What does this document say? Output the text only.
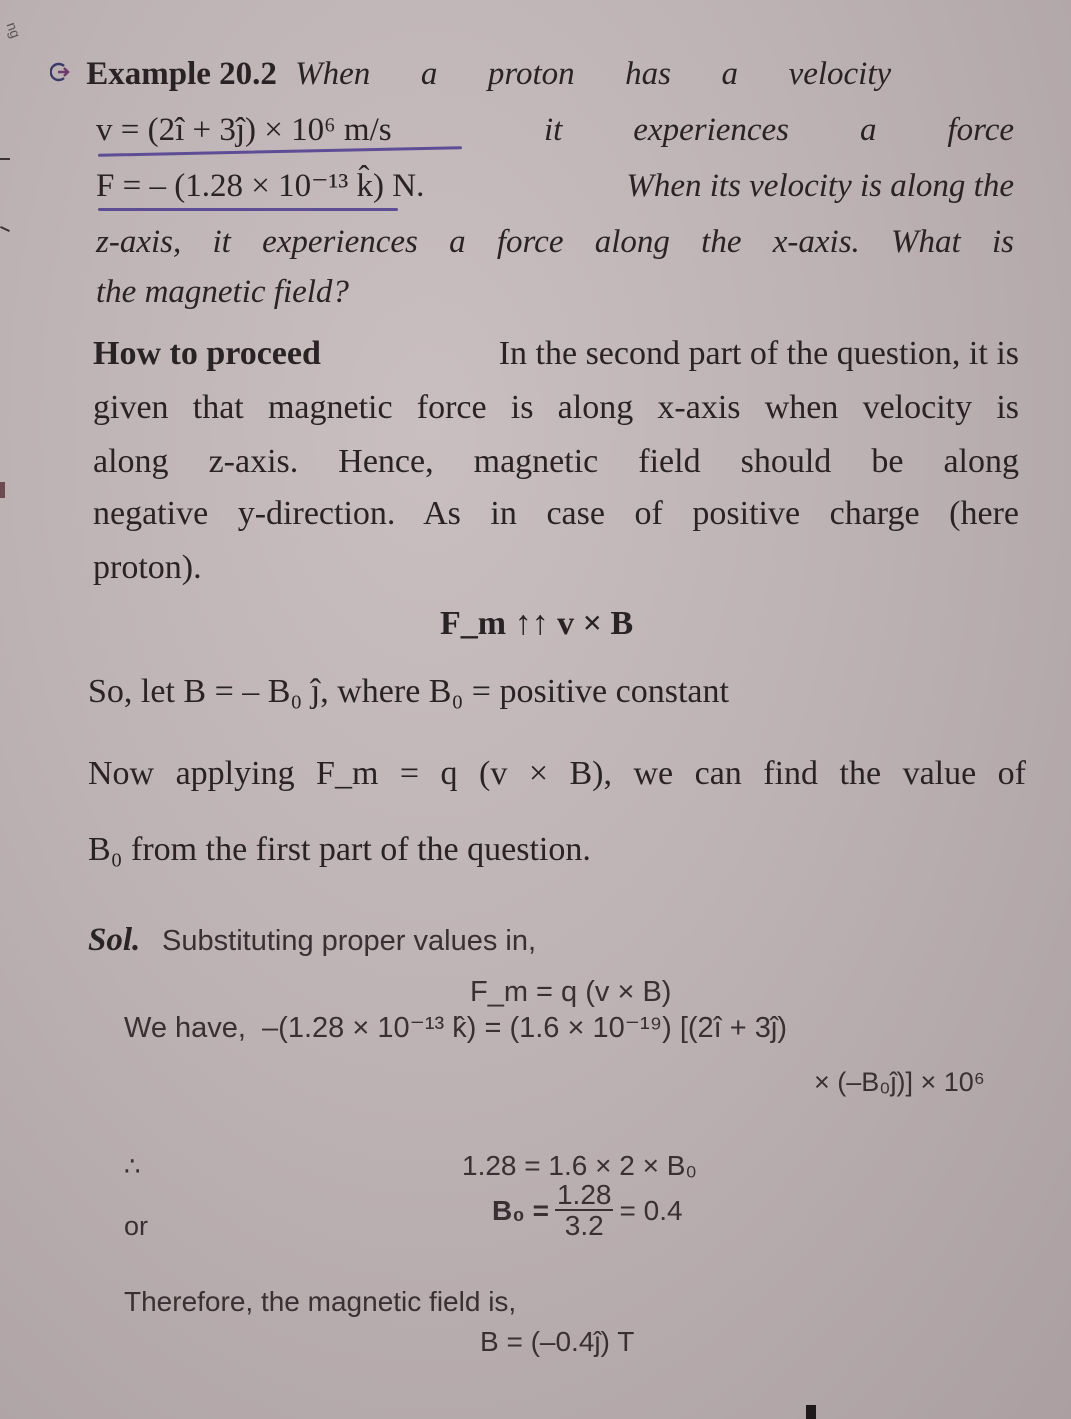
ng
Example 20.2 When a proton has a velocity
v = (2î + 3ĵ) × 10⁶ m/s	it experiences a force
F = – (1.28 × 10⁻¹³ k̂) N.	When its velocity is along the
z-axis, it experiences a force along the x-axis. What is
the magnetic field?
How to proceed	In the second part of the question, it is
given that magnetic force is along x-axis when velocity is
along z-axis. Hence, magnetic field should be along
negative y-direction. As in case of positive charge (here
proton).
F_m ↑↑ v × B
So, let B = – B₀ ĵ, where B₀ = positive constant
Now applying F_m = q (v × B), we can find the value of
B₀ from the first part of the question.
Sol. Substituting proper values in,
F_m = q (v × B)
We have, –(1.28 × 10⁻¹³ k̂) = (1.6 × 10⁻¹⁹) [(2î + 3ĵ)
× (–B₀ĵ)] × 10⁶
∴	1.28 = 1.6 × 2 × B₀
or	$B_0 = \frac{1.28}{3.2} = 0.4$
Therefore, the magnetic field is,
B = (–0.4ĵ) T
